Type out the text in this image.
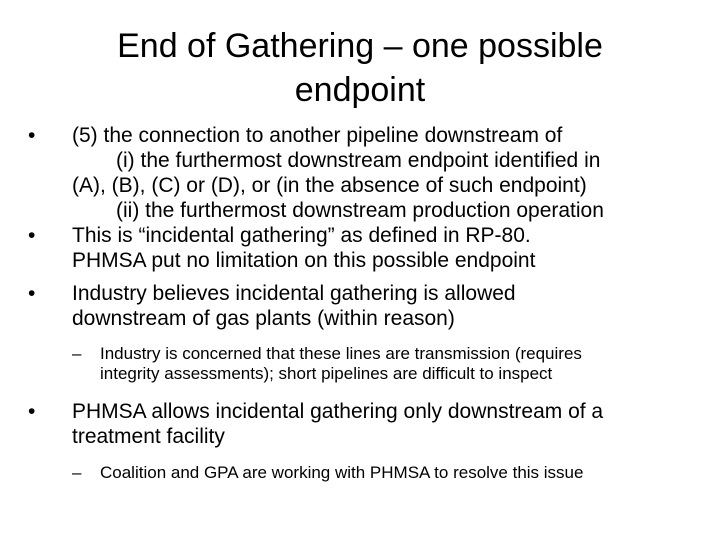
End of Gathering – one possible
endpoint
•	(5) the connection to another pipeline downstream of
(i) the furthermost downstream endpoint identified in
(A), (B), (C) or (D), or (in the absence of such endpoint)
(ii) the furthermost downstream production operation
•	This is “incidental gathering” as defined in RP-80.
PHMSA put no limitation on this possible endpoint
•	Industry believes incidental gathering is allowed
downstream of gas plants (within reason)
– Industry is concerned that these lines are transmission (requires
integrity assessments); short pipelines are difficult to inspect
•	PHMSA allows incidental gathering only downstream of a
treatment facility
– Coalition and GPA are working with PHMSA to resolve this issue
